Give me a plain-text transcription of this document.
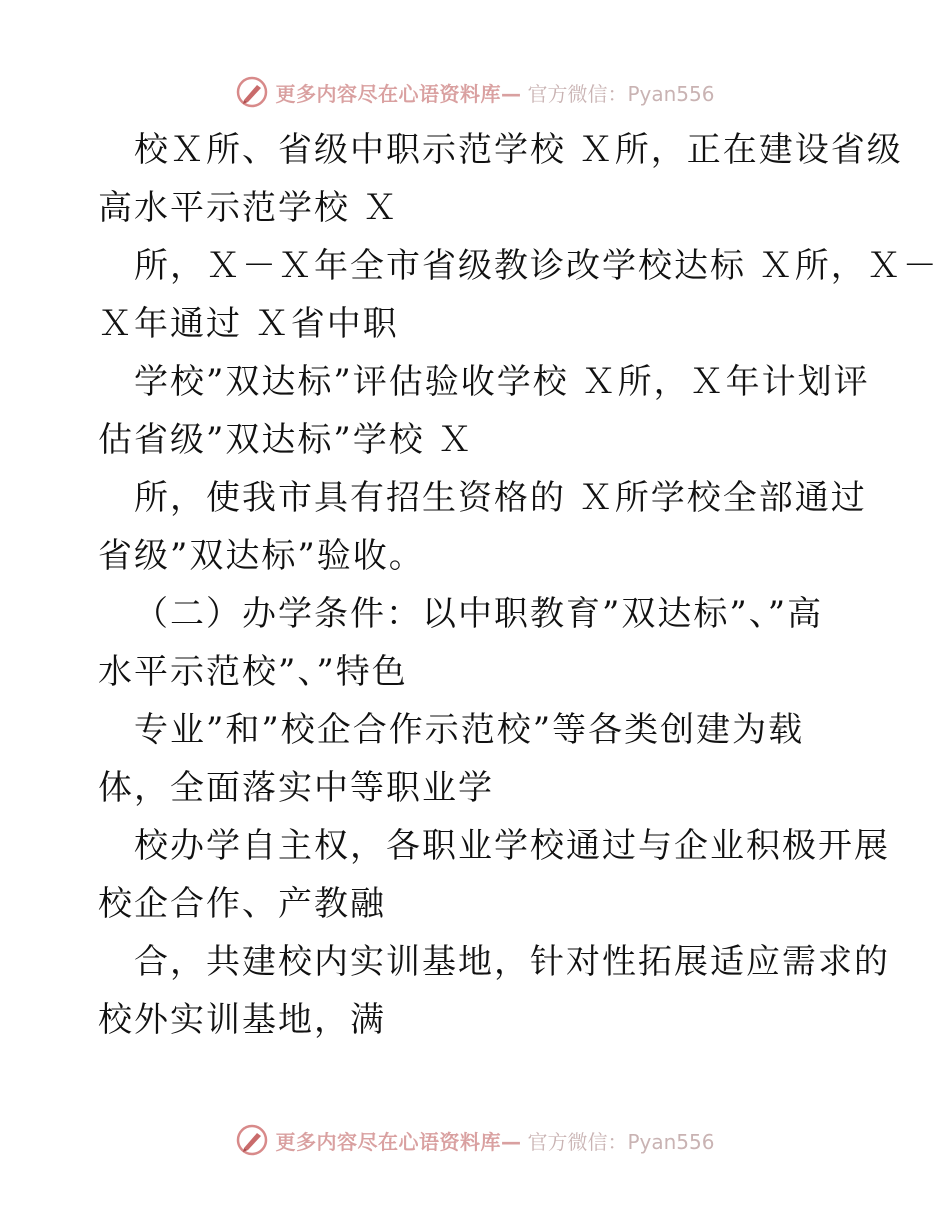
更多内容尽在心语资料库— 官方微信：Pyan556
校Ｘ所、省级中职示范学校 Ｘ所，正在建设省级
高水平示范学校 Ｘ
所，Ｘ－Ｘ年全市省级教诊改学校达标 Ｘ所，Ｘ－
Ｘ年通过 Ｘ省中职
学校”双达标”评估验收学校 Ｘ所，Ｘ年计划评
估省级”双达标”学校 Ｘ
所，使我市具有招生资格的 Ｘ所学校全部通过
省级”双达标”验收。
（二）办学条件：以中职教育”双达标”、”高
水平示范校”、”特色
专业”和”校企合作示范校”等各类创建为载
体，全面落实中等职业学
校办学自主权，各职业学校通过与企业积极开展
校企合作、产教融
合，共建校内实训基地，针对性拓展适应需求的
校外实训基地，满
更多内容尽在心语资料库— 官方微信：Pyan556
